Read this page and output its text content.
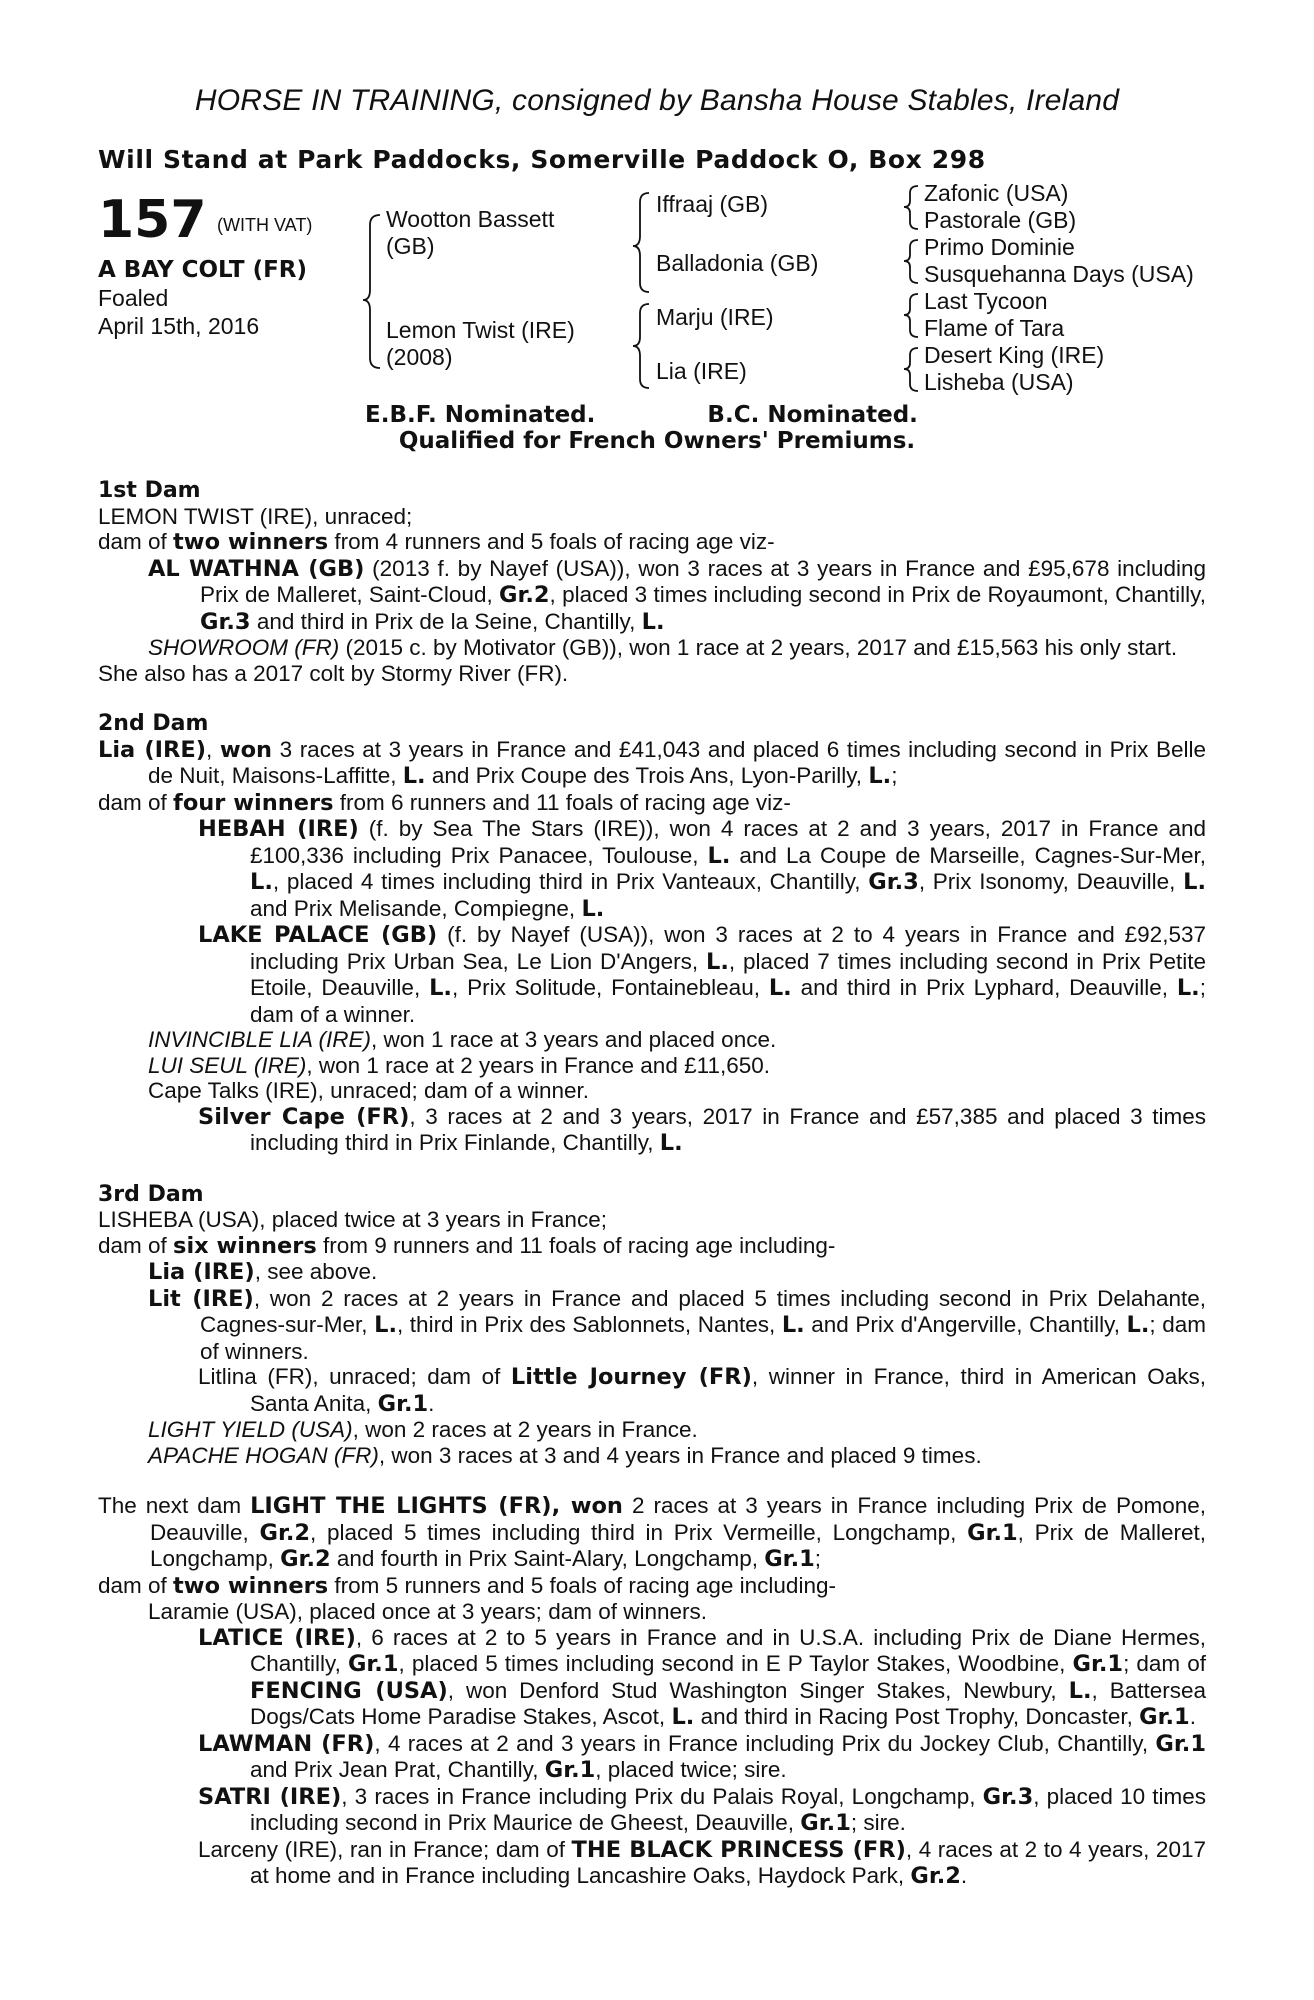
HORSE IN TRAINING, consigned by Bansha House Stables, Ireland
Will Stand at Park Paddocks, Somerville Paddock O, Box 298
157 (WITH VAT)
A BAY COLT (FR)
Foaled
April 15th, 2016
Wootton Bassett
(GB)
Lemon Twist (IRE)
(2008)
Iffraaj (GB)
Balladonia (GB)
Marju (IRE)
Lia (IRE)
Zafonic (USA)
Pastorale (GB)
Primo Dominie
Susquehanna Days (USA)
Last Tycoon
Flame of Tara
Desert King (IRE)
Lisheba (USA)
E.B.F. Nominated.	B.C. Nominated.
Qualified for French Owners' Premiums.

1st Dam

LEMON TWIST (IRE), unraced;

dam of two winners from 4 runners and 5 foals of racing age viz-

AL WATHNA (GB) (2013 f. by Nayef (USA)), won 3 races at 3 years in France and £95,678 including Prix de Malleret, Saint-Cloud, Gr.2, placed 3 times including second in Prix de Royaumont, Chantilly, Gr.3 and third in Prix de la Seine, Chantilly, L.

SHOWROOM (FR) (2015 c. by Motivator (GB)), won 1 race at 2 years, 2017 and £15,563 his only start.

She also has a 2017 colt by Stormy River (FR).

2nd Dam

Lia (IRE), won 3 races at 3 years in France and £41,043 and placed 6 times including second in Prix Belle de Nuit, Maisons-Laffitte, L. and Prix Coupe des Trois Ans, Lyon-Parilly, L.;

dam of four winners from 6 runners and 11 foals of racing age viz-

HEBAH (IRE) (f. by Sea The Stars (IRE)), won 4 races at 2 and 3 years, 2017 in France and £100,336 including Prix Panacee, Toulouse, L. and La Coupe de Marseille, Cagnes-Sur-Mer, L., placed 4 times including third in Prix Vanteaux, Chantilly, Gr.3, Prix Isonomy, Deauville, L. and Prix Melisande, Compiegne, L.

LAKE PALACE (GB) (f. by Nayef (USA)), won 3 races at 2 to 4 years in France and £92,537 including Prix Urban Sea, Le Lion D'Angers, L., placed 7 times including second in Prix Petite Etoile, Deauville, L., Prix Solitude, Fontainebleau, L. and third in Prix Lyphard, Deauville, L.; dam of a winner.

INVINCIBLE LIA (IRE), won 1 race at 3 years and placed once.

LUI SEUL (IRE), won 1 race at 2 years in France and £11,650.

Cape Talks (IRE), unraced; dam of a winner.

Silver Cape (FR), 3 races at 2 and 3 years, 2017 in France and £57,385 and placed 3 times including third in Prix Finlande, Chantilly, L.

3rd Dam

LISHEBA (USA), placed twice at 3 years in France;

dam of six winners from 9 runners and 11 foals of racing age including-

Lia (IRE), see above.

Lit (IRE), won 2 races at 2 years in France and placed 5 times including second in Prix Delahante, Cagnes-sur-Mer, L., third in Prix des Sablonnets, Nantes, L. and Prix d'Angerville, Chantilly, L.; dam of winners.

Litlina (FR), unraced; dam of Little Journey (FR), winner in France, third in American Oaks, Santa Anita, Gr.1.

LIGHT YIELD (USA), won 2 races at 2 years in France.

APACHE HOGAN (FR), won 3 races at 3 and 4 years in France and placed 9 times.

The next dam LIGHT THE LIGHTS (FR), won 2 races at 3 years in France including Prix de Pomone, Deauville, Gr.2, placed 5 times including third in Prix Vermeille, Longchamp, Gr.1, Prix de Malleret, Longchamp, Gr.2 and fourth in Prix Saint-Alary, Longchamp, Gr.1;

dam of two winners from 5 runners and 5 foals of racing age including-

Laramie (USA), placed once at 3 years; dam of winners.

LATICE (IRE), 6 races at 2 to 5 years in France and in U.S.A. including Prix de Diane Hermes, Chantilly, Gr.1, placed 5 times including second in E P Taylor Stakes, Woodbine, Gr.1; dam of FENCING (USA), won Denford Stud Washington Singer Stakes, Newbury, L., Battersea Dogs/Cats Home Paradise Stakes, Ascot, L. and third in Racing Post Trophy, Doncaster, Gr.1.

LAWMAN (FR), 4 races at 2 and 3 years in France including Prix du Jockey Club, Chantilly, Gr.1 and Prix Jean Prat, Chantilly, Gr.1, placed twice; sire.

SATRI (IRE), 3 races in France including Prix du Palais Royal, Longchamp, Gr.3, placed 10 times including second in Prix Maurice de Gheest, Deauville, Gr.1; sire.

Larceny (IRE), ran in France; dam of THE BLACK PRINCESS (FR), 4 races at 2 to 4 years, 2017 at home and in France including Lancashire Oaks, Haydock Park, Gr.2.
